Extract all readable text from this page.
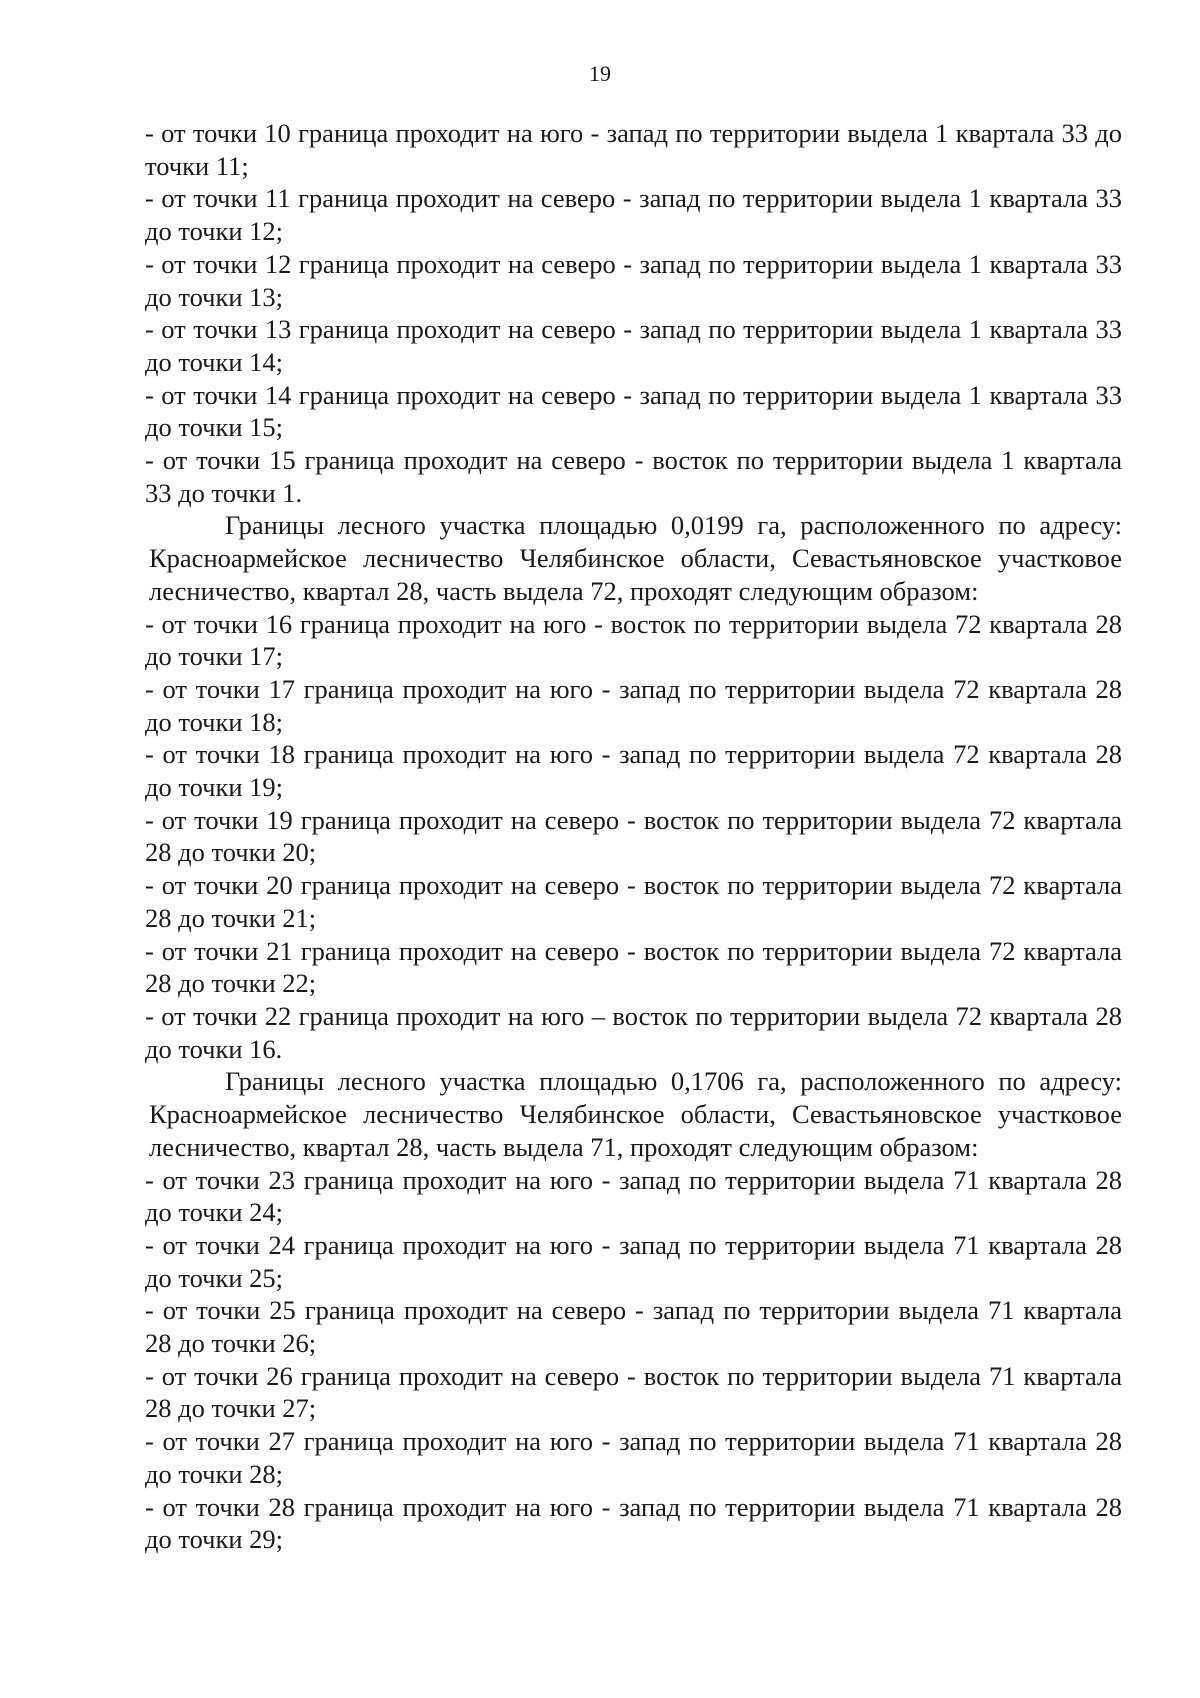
19

- от точки 10 граница проходит на юго - запад по территории выдела 1 квартала 33 до точки 11;

- от точки 11 граница проходит на северо - запад по территории выдела 1 квартала 33 до точки 12;

- от точки 12 граница проходит на северо - запад по территории выдела 1 квартала 33 до точки 13;

- от точки 13 граница проходит на северо - запад по территории выдела 1 квартала 33 до точки 14;

- от точки 14 граница проходит на северо - запад по территории выдела 1 квартала 33 до точки 15;

- от точки 15 граница проходит на северо - восток по территории выдела 1 квартала 33 до точки 1.

Границы лесного участка площадью 0,0199 га, расположенного по адресу: Красноармейское лесничество Челябинское области, Севастьяновское участковое лесничество, квартал 28, часть выдела 72, проходят следующим образом:

- от точки 16 граница проходит на юго - восток по территории выдела 72 квартала 28 до точки 17;

- от точки 17 граница проходит на юго - запад по территории выдела 72 квартала 28 до точки 18;

- от точки 18 граница проходит на юго - запад по территории выдела 72 квартала 28 до точки 19;

- от точки 19 граница проходит на северо - восток по территории выдела 72 квартала 28 до точки 20;

- от точки 20 граница проходит на северо - восток по территории выдела 72 квартала 28 до точки 21;

- от точки 21 граница проходит на северо - восток по территории выдела 72 квартала 28 до точки 22;

- от точки 22 граница проходит на юго – восток по территории выдела 72 квартала 28 до точки 16.

Границы лесного участка площадью 0,1706 га, расположенного по адресу: Красноармейское лесничество Челябинское области, Севастьяновское участковое лесничество, квартал 28, часть выдела 71, проходят следующим образом:

- от точки 23 граница проходит на юго - запад по территории выдела 71 квартала 28 до точки 24;

- от точки 24 граница проходит на юго - запад по территории выдела 71 квартала 28 до точки 25;

- от точки 25 граница проходит на северо - запад по территории выдела 71 квартала 28 до точки 26;

- от точки 26 граница проходит на северо - восток по территории выдела 71 квартала 28 до точки 27;

- от точки 27 граница проходит на юго - запад по территории выдела 71 квартала 28 до точки 28;

- от точки 28 граница проходит на юго - запад по территории выдела 71 квартала 28 до точки 29;
